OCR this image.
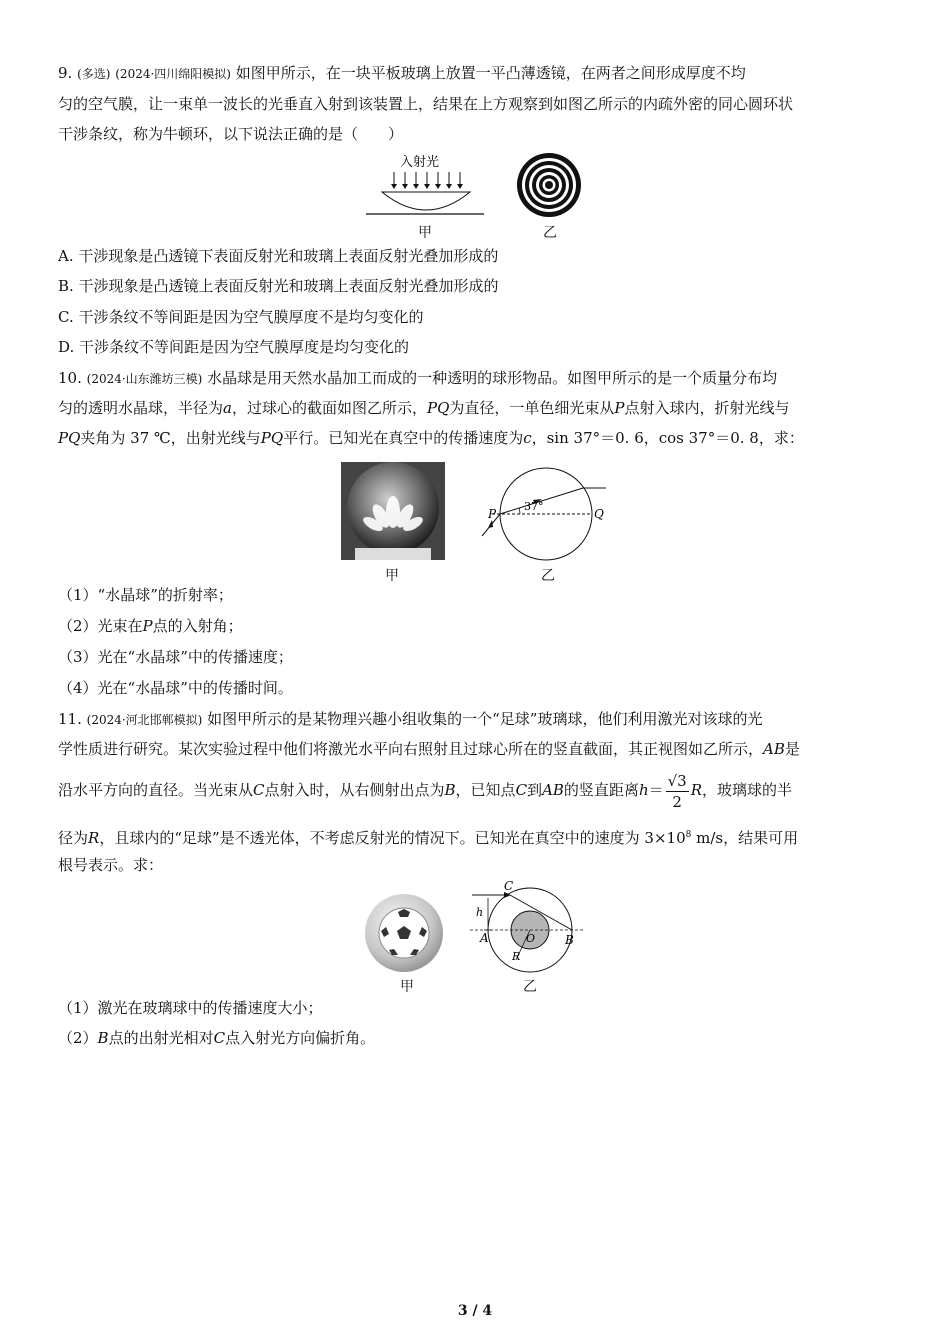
9. (多选) (2024·四川绵阳模拟) 如图甲所示，在一块平板玻璃上放置一平凸薄透镜，在两者之间形成厚度不均
匀的空气膜，让一束单一波长的光垂直入射到该装置上，结果在上方观察到如图乙所示的内疏外密的同心圆环状
干涉条纹，称为牛顿环，以下说法正确的是（　　）
入射光
甲	乙
A. 干涉现象是凸透镜下表面反射光和玻璃上表面反射光叠加形成的
B. 干涉现象是凸透镜上表面反射光和玻璃上表面反射光叠加形成的
C. 干涉条纹不等间距是因为空气膜厚度不是均匀变化的
D. 干涉条纹不等间距是因为空气膜厚度是均匀变化的
10. (2024·山东潍坊三模) 水晶球是用天然水晶加工而成的一种透明的球形物品。如图甲所示的是一个质量分布均
匀的透明水晶球，半径为a，过球心的截面如图乙所示，PQ为直径，一单色细光束从P点射入球内，折射光线与
PQ夹角为 37 ℃，出射光线与PQ平行。已知光在真空中的传播速度为c，sin 37°＝0. 6，cos 37°＝0. 8，求：
甲
37°
P	Q
乙
（1）“水晶球”的折射率；
（2）光束在P点的入射角；
（3）光在“水晶球”中的传播速度；
（4）光在“水晶球”中的传播时间。
11. (2024·河北邯郸模拟) 如图甲所示的是某物理兴趣小组收集的一个“足球”玻璃球，他们利用激光对该球的光
学性质进行研究。某次实验过程中他们将激光水平向右照射且过球心所在的竖直截面，其正视图如乙所示，AB是
沿水平方向的直径。当光束从C点射入时，从右侧射出点为B，已知点C到AB的竖直距离$h= \frac{√3}{2}$ R，玻璃球的半
径为R，且球内的“足球”是不透光体，不考虑反射光的情况下。已知光在真空中的速度为 $3\times 10^8$ m/s，结果可用
根号表示。求：
甲
C
h
A	O B
R
乙
（1）激光在玻璃球中的传播速度大小；
（2）B点的出射光相对C点入射光方向偏折角。
3 / 4
